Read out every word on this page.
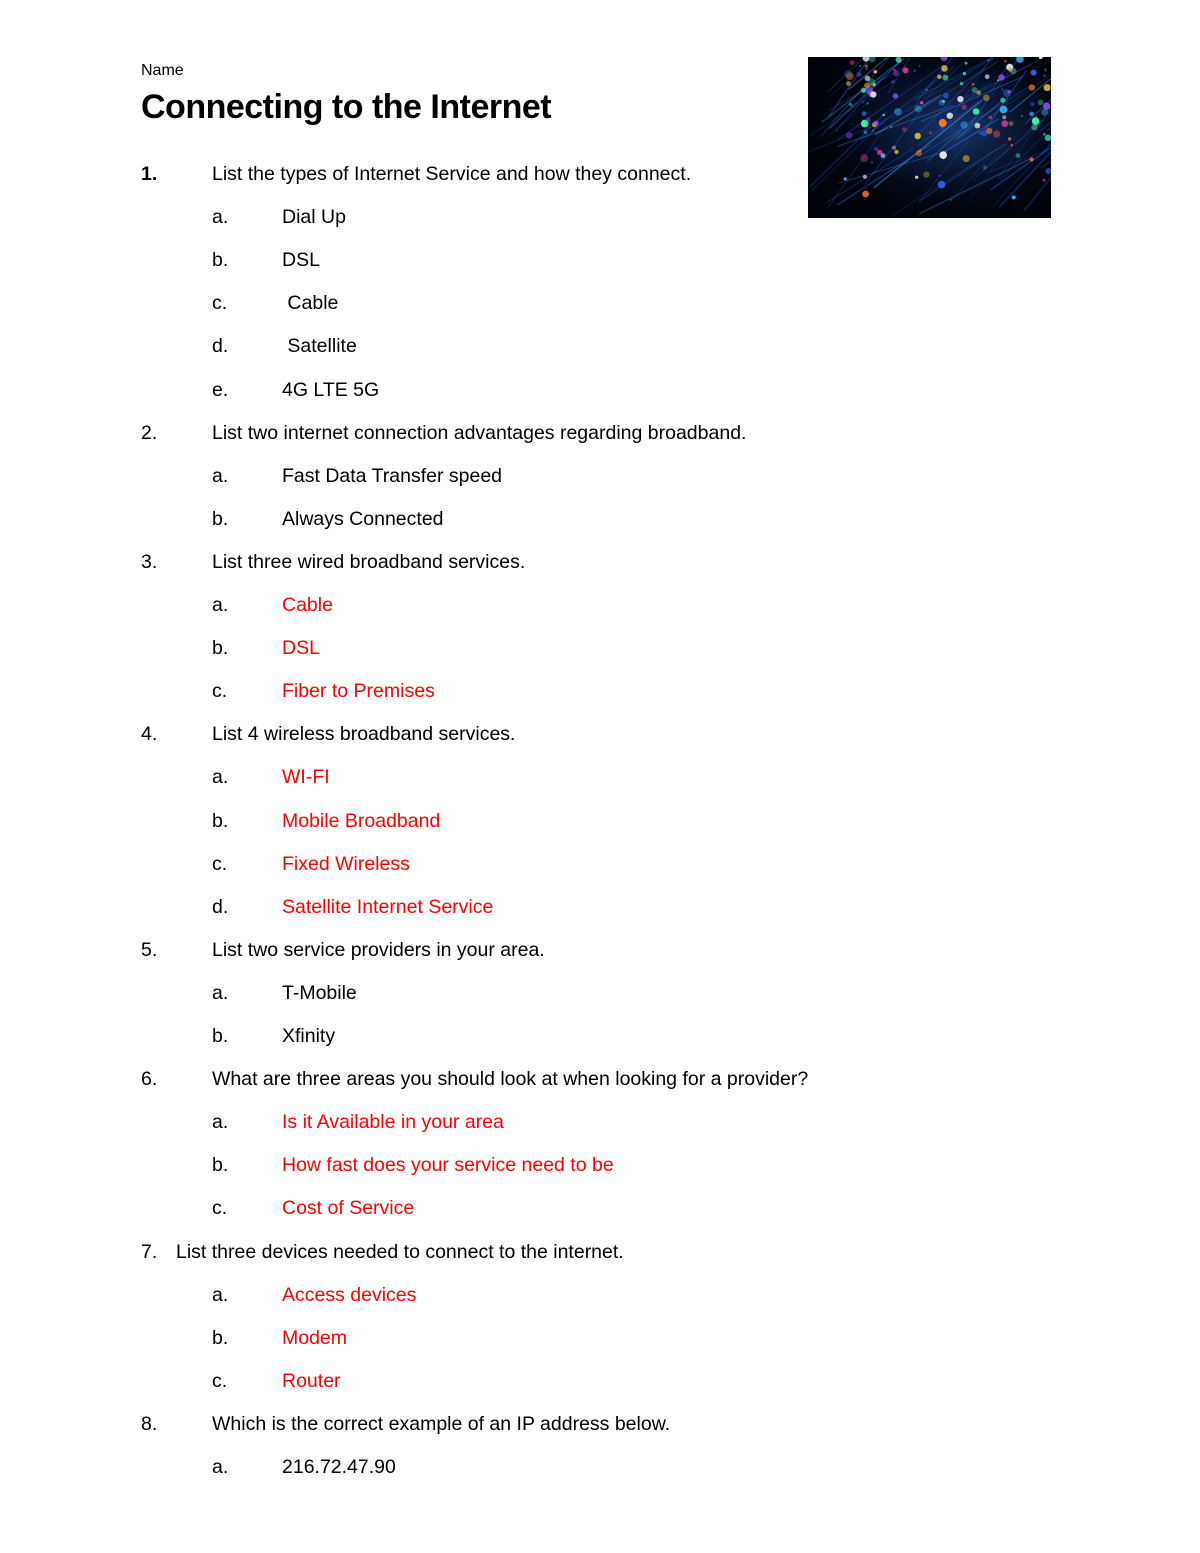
Name
Connecting to the Internet
1.	List the types of Internet Service and how they connect.
a.	Dial Up
b.	DSL
c.	Cable
d.	Satellite
e.	4G LTE 5G
2.	List two internet connection advantages regarding broadband.
a.	Fast Data Transfer speed
b.	Always Connected
3.	List three wired broadband services.
a.	Cable
b.	DSL
c.	Fiber to Premises
4.	List 4 wireless broadband services.
a.	WI-FI
b.	Mobile Broadband
c.	Fixed Wireless
d.	Satellite Internet Service
5.	List two service providers in your area.
a.	T-Mobile
b.	Xfinity
6.	What are three areas you should look at when looking for a provider?
a.	Is it Available in your area
b.	How fast does your service need to be
c.	Cost of Service
7. List three devices needed to connect to the internet.
a.	Access devices
b.	Modem
c.	Router
8.	Which is the correct example of an IP address below.
a.	216.72.47.90
